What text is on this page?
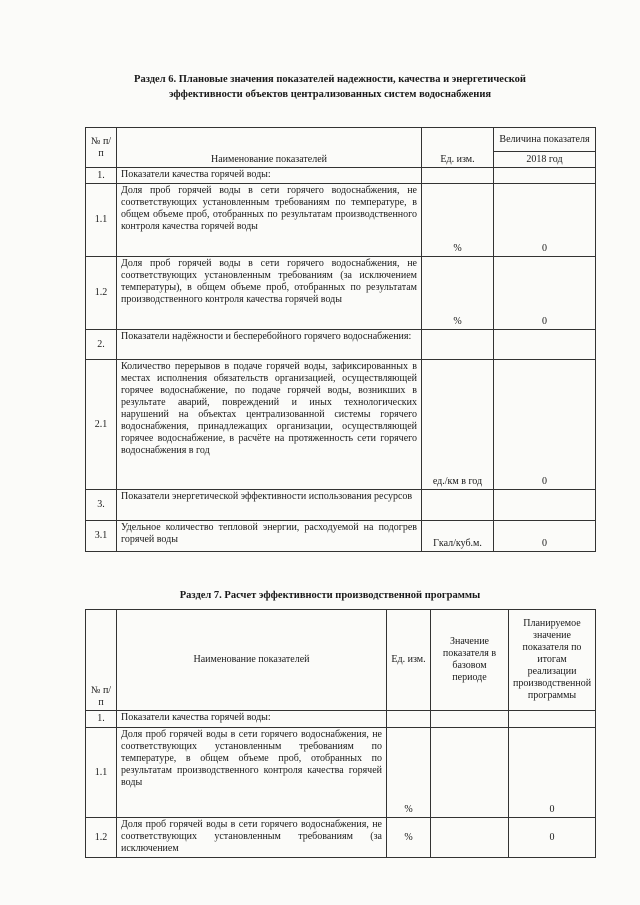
Раздел 6. Плановые значения показателей надежности, качества и энергетической
эффективности объектов централизованных систем водоснабжения
№ п/п	Наименование показателей	Ед. изм.	Величина показателя
			2018 год
1.	Показатели качества горячей воды:		
1.1	Доля проб горячей воды в сети горячего водоснабжения, не соответствующих установленным требованиям по температуре, в общем объеме проб, отобранных по результатам производственного контроля качества горячей воды	%	0
1.2	Доля проб горячей воды в сети горячего водоснабжения, не соответствующих установленным требованиям (за исключением температуры), в общем объеме проб, отобранных по результатам производственного контроля качества горячей воды	%	0
2.	Показатели надёжности и бесперебойного горячего водоснабжения:		
2.1	Количество перерывов в подаче горячей воды, зафиксированных в местах исполнения обязательств организацией, осуществляющей горячее водоснабжение, по подаче горячей воды, возникших в результате аварий, повреждений и иных технологических нарушений на объектах централизованной системы горячего водоснабжения, принадлежащих организации, осуществляющей горячее водоснабжение, в расчёте на протяженность сети горячего водоснабжения в год	ед./км в год	0
3.	Показатели энергетической эффективности использования ресурсов		
3.1	Удельное количество тепловой энергии, расходуемой на подогрев горячей воды	Гкал/куб.м.	0
Раздел 7. Расчет эффективности производственной программы
№ п/п	Наименование показателей	Ед. изм.	Значение показателя в базовом периоде	Планируемое значение показателя по итогам реализации производственной программы
1.	Показатели качества горячей воды:			
1.1	Доля проб горячей воды в сети горячего водоснабжения, не соответствующих установленным требованиям по температуре, в общем объеме проб, отобранных по результатам производственного контроля качества горячей воды	%		0
1.2	Доля проб горячей воды в сети горячего водоснабжения, не соответствующих установленным требованиям (за исключением	%		0
